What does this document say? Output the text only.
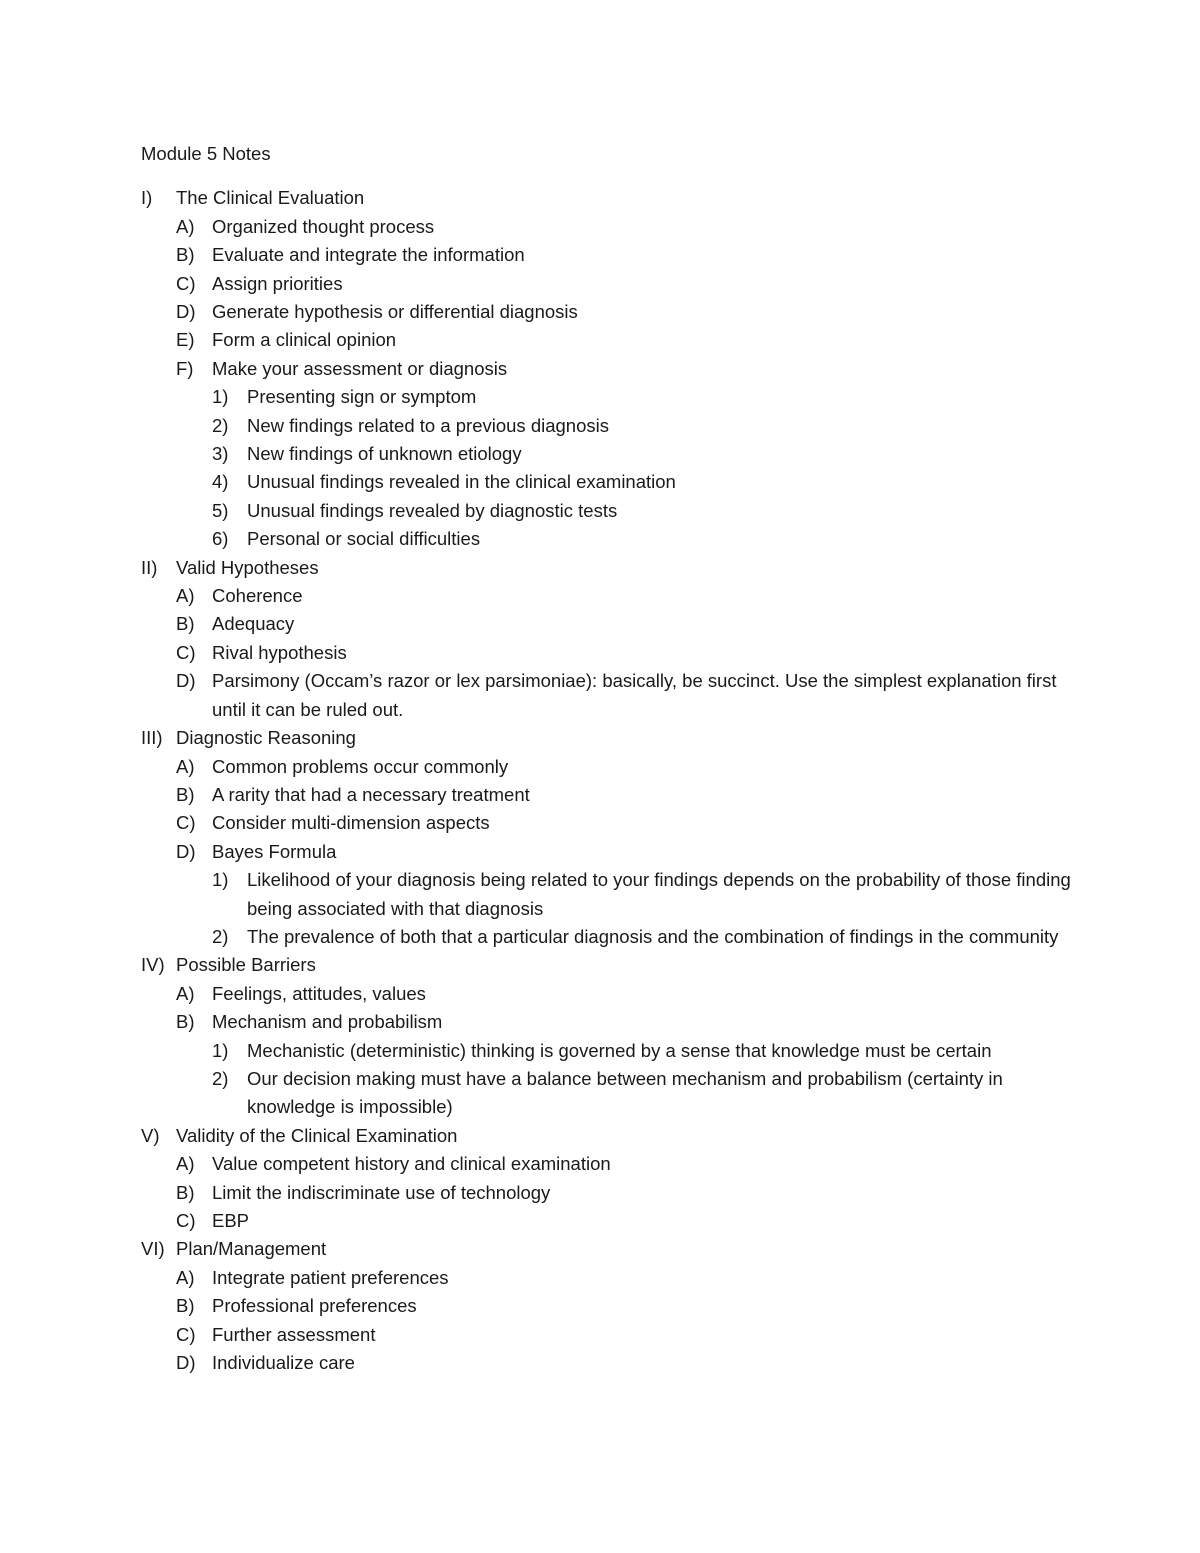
Module 5 Notes
I)	The Clinical Evaluation
A) Organized thought process
B) Evaluate and integrate the information
C) Assign priorities
D) Generate hypothesis or differential diagnosis
E) Form a clinical opinion
F)	Make your assessment or diagnosis
1)	Presenting sign or symptom
2)	New findings related to a previous diagnosis
3)	New findings of unknown etiology
4)	Unusual findings revealed in the clinical examination
5)	Unusual findings revealed by diagnostic tests
6)	Personal or social difficulties
II)	Valid Hypotheses
A) Coherence
B) Adequacy
C) Rival hypothesis
D) Parsimony (Occam’s razor or lex parsimoniae): basically, be succinct. Use the simplest explanation first until it can be ruled out.
III) Diagnostic Reasoning
A) Common problems occur commonly
B) A rarity that had a necessary treatment
C) Consider multi-dimension aspects
D) Bayes Formula
1)	Likelihood of your diagnosis being related to your findings depends on the probability of those finding being associated with that diagnosis
2)	The prevalence of both that a particular diagnosis and the combination of findings in the community
IV) Possible Barriers
A) Feelings, attitudes, values
B) Mechanism and probabilism
1)	Mechanistic (deterministic) thinking is governed by a sense that knowledge must be certain
2)	Our decision making must have a balance between mechanism and probabilism (certainty in knowledge is impossible)
V) Validity of the Clinical Examination
A) Value competent history and clinical examination
B) Limit the indiscriminate use of technology
C) EBP
VI) Plan/Management
A) Integrate patient preferences
B) Professional preferences
C) Further assessment
D) Individualize care
